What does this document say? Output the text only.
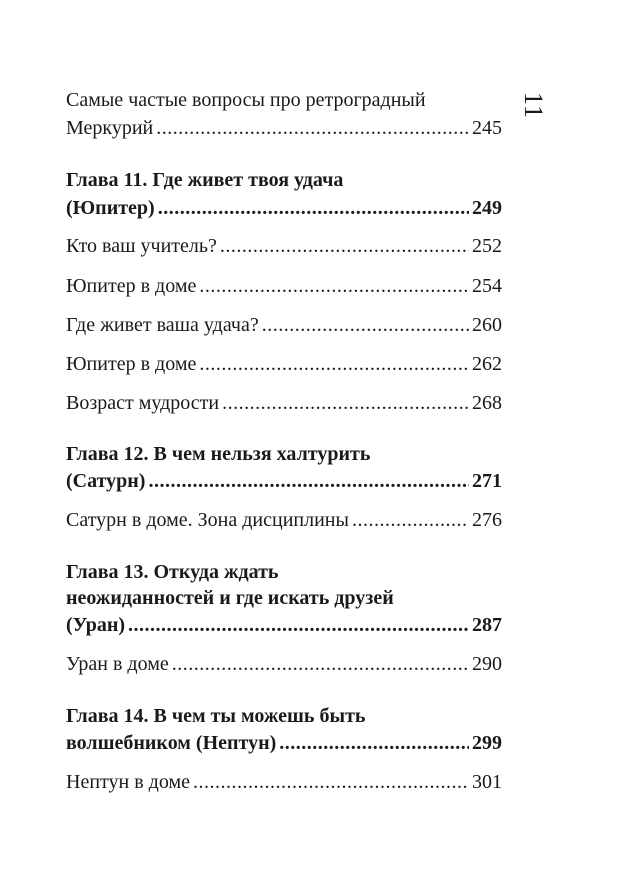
11
Самые частые вопросы про ретроградный
Меркурий .....	245
Глава 11. Где живет твоя удача
(Юпитер) .....	249
Кто ваш учитель? .....	252
Юпитер в доме .....	254
Где живет ваша удача? .....	260
Юпитер в доме .....	262
Возраст мудрости .....	268
Глава 12. В чем нельзя халтурить
(Сатурн) .....	271
Сатурн в доме. Зона дисциплины .....	276
Глава 13. Откуда ждать
неожиданностей и где искать друзей
(Уран) .....	287
Уран в доме .....	290
Глава 14. В чем ты можешь быть
волшебником (Нептун) .....	299
Нептун в доме .....	301
